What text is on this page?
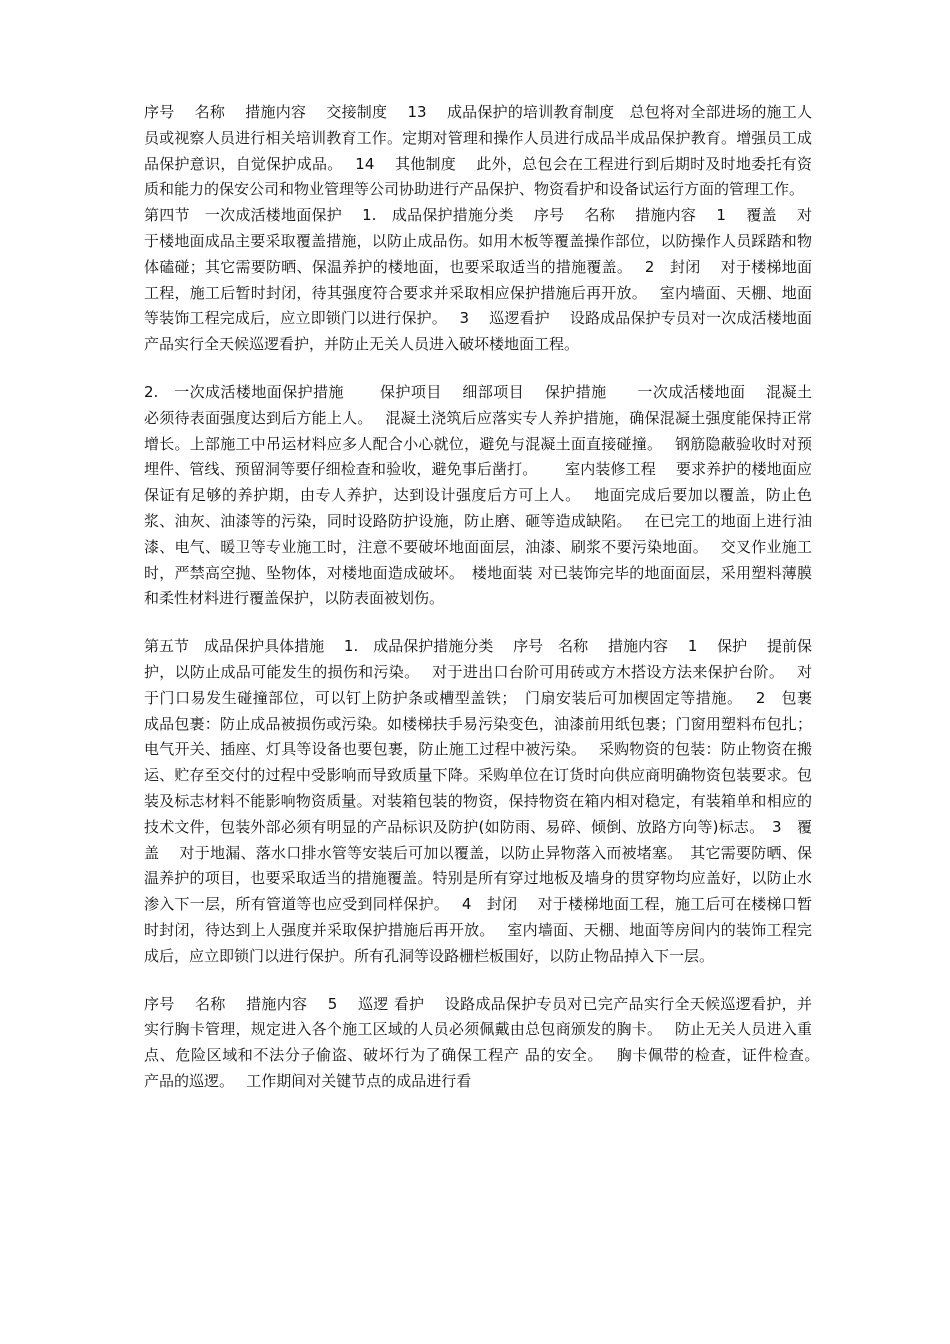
序号　 名称　 措施内容　 交接制度　 13　 成品保护的培训教育制度　总包将对全部进场的施工人员或视察人员进行相关培训教育工作。定期对管理和操作人员进行成品半成品保护教育。增强员工成品保护意识，自觉保护成品。　 14　 其他制度　 此外，总包会在工程进行到后期时及时地委托有资质和能力的保安公司和物业管理等公司协助进行产品保护、物资看护和设备试运行方面的管理工作。

第四节　一次成活楼地面保护　 1.　成品保护措施分类　 序号　 名称　 措施内容　 1　 覆盖　 对于楼地面成品主要采取覆盖措施，以防止成品伤。如用木板等覆盖操作部位，以防操作人员踩踏和物体磕碰；其它需要防晒、保温养护的楼地面，也要采取适当的措施覆盖。　 2　封闭　 对于楼梯地面工程，施工后暂时封闭，待其强度符合要求并采取相应保护措施后再开放。　 室内墙面、天棚、地面等装饰工程完成后，应立即锁门以进行保护。　 3　 巡逻看护　 设路成品保护专员对一次成活楼地面产品实行全天候巡逻看护，并防止无关人员进入破坏楼地面工程。

2.　一次成活楼地面保护措施　　 保护项目　 细部项目　 保护措施　　一次成活楼地面　 混凝土　 必须待表面强度达到后方能上人。　 混凝土浇筑后应落实专人养护措施，确保混凝土强度能保持正常增长。上部施工中吊运材料应多人配合小心就位，避免与混凝土面直接碰撞。　 钢筋隐蔽验收时对预埋件、管线、预留洞等要仔细检查和验收，避免事后凿打。　　 室内装修工程　 要求养护的楼地面应保证有足够的养护期，由专人养护，达到设计强度后方可上人。　 地面完成后要加以覆盖，防止色浆、油灰、油漆等的污染，同时设路防护设施，防止磨、砸等造成缺陷。　 在已完工的地面上进行油漆、电气、暖卫等专业施工时，注意不要破坏地面面层，油漆、刷浆不要污染地面。　 交叉作业施工时，严禁高空抛、坠物体，对楼地面造成破坏。　楼地面装 对已装饰完毕的地面面层，采用塑料薄膜和柔性材料进行覆盖保护，以防表面被划伤。

第五节　成品保护具体措施　 1.　成品保护措施分类　 序号　名称　 措施内容　 1　 保护　 提前保护，以防止成品可能发生的损伤和污染。　 对于进出口台阶可用砖或方木搭设方法来保护台阶。　 对于门口易发生碰撞部位，可以钉上防护条或槽型盖铁；　门扇安装后可加楔固定等措施。　 2　包裹　 成品包裹：防止成品被损伤或污染。如楼梯扶手易污染变色，油漆前用纸包裹；门窗用塑料布包扎；电气开关、插座、灯具等设备也要包裹，防止施工过程中被污染。　 采购物资的包装：防止物资在搬运、贮存至交付的过程中受影响而导致质量下降。采购单位在订货时向供应商明确物资包装要求。包装及标志材料不能影响物资质量。对装箱包装的物资，保持物资在箱内相对稳定，有装箱单和相应的技术文件，包装外部必须有明显的产品标识及防护(如防雨、易碎、倾倒、放路方向等)标志。　3　覆盖　 对于地漏、落水口排水管等安装后可加以覆盖，以防止异物落入而被堵塞。　其它需要防晒、保温养护的项目，也要采取适当的措施覆盖。特别是所有穿过地板及墙身的贯穿物均应盖好，以防止水渗入下一层，所有管道等也应受到同样保护。　 4　封闭　 对于楼梯地面工程，施工后可在楼梯口暂时封闭，待达到上人强度并采取保护措施后再开放。　 室内墙面、天棚、地面等房间内的装饰工程完成后，应立即锁门以进行保护。所有孔洞等设路栅栏板围好，以防止物品掉入下一层。

序号　 名称　 措施内容　 5　 巡逻 看护　 设路成品保护专员对已完产品实行全天候巡逻看护，并实行胸卡管理，规定进入各个施工区域的人员必须佩戴由总包商颁发的胸卡。　 防止无关人员进入重点、危险区域和不法分子偷盗、破坏行为了确保工程产 品的安全。　 胸卡佩带的检查，证件检查。　 产品的巡逻。　 工作期间对关键节点的成品进行看
